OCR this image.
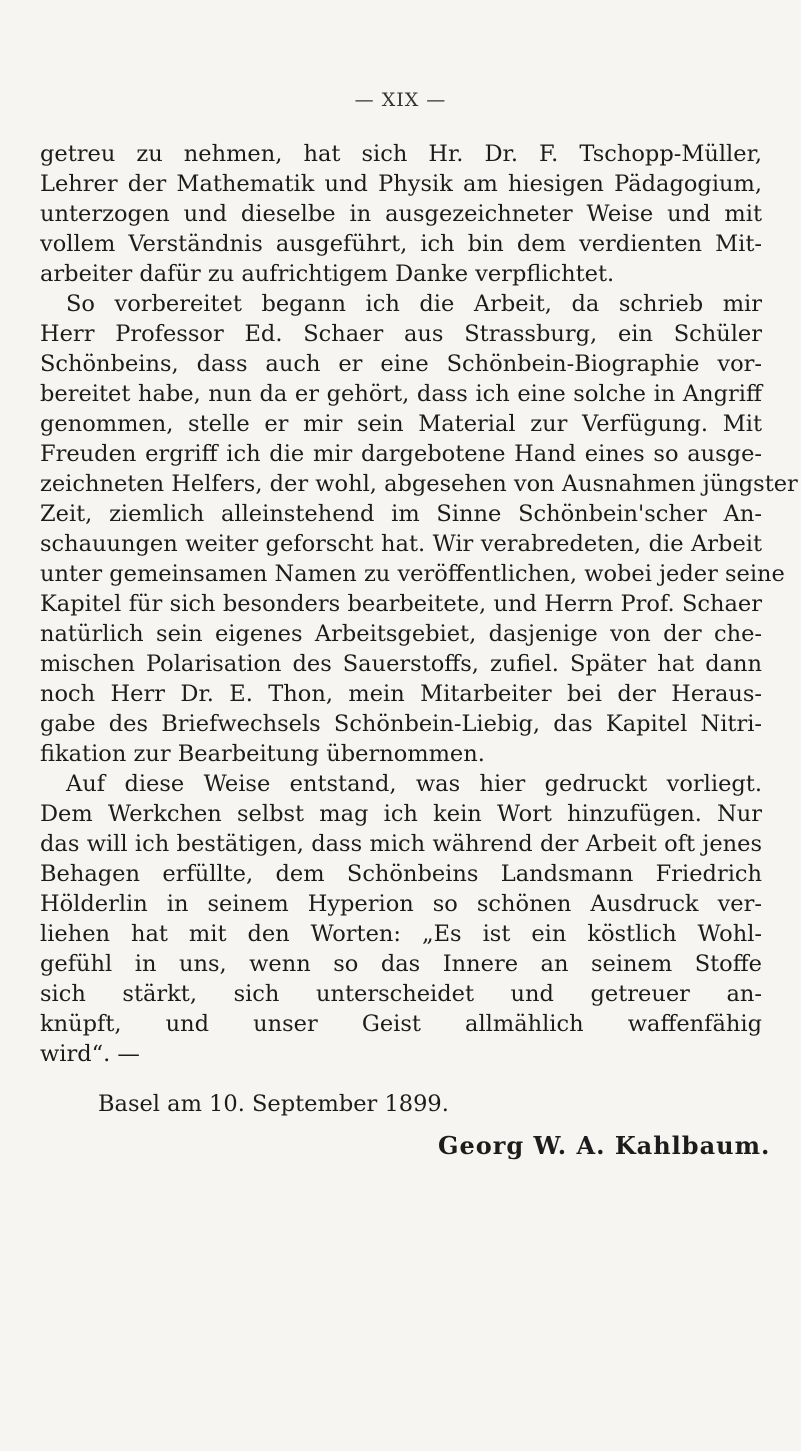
— XIX —
getreu zu nehmen, hat sich Hr. Dr. F. Tschopp-Müller,
Lehrer der Mathematik und Physik am hiesigen Pädagogium,
unterzogen und dieselbe in ausgezeichneter Weise und mit
vollem Verständnis ausgeführt, ich bin dem verdienten Mit-
arbeiter dafür zu aufrichtigem Danke verpflichtet.
So vorbereitet begann ich die Arbeit, da schrieb mir
Herr Professor Ed. Schaer aus Strassburg, ein Schüler
Schönbeins, dass auch er eine Schönbein-Biographie vor-
bereitet habe, nun da er gehört, dass ich eine solche in Angriff
genommen, stelle er mir sein Material zur Verfügung. Mit
Freuden ergriff ich die mir dargebotene Hand eines so ausge-
zeichneten Helfers, der wohl, abgesehen von Ausnahmen jüngster
Zeit, ziemlich alleinstehend im Sinne Schönbein'scher An-
schauungen weiter geforscht hat. Wir verabredeten, die Arbeit
unter gemeinsamen Namen zu veröffentlichen, wobei jeder seine
Kapitel für sich besonders bearbeitete, und Herrn Prof. Schaer
natürlich sein eigenes Arbeitsgebiet, dasjenige von der che-
mischen Polarisation des Sauerstoffs, zufiel. Später hat dann
noch Herr Dr. E. Thon, mein Mitarbeiter bei der Heraus-
gabe des Briefwechsels Schönbein-Liebig, das Kapitel Nitri-
fikation zur Bearbeitung übernommen.
Auf diese Weise entstand, was hier gedruckt vorliegt.
Dem Werkchen selbst mag ich kein Wort hinzufügen. Nur
das will ich bestätigen, dass mich während der Arbeit oft jenes
Behagen erfüllte, dem Schönbeins Landsmann Friedrich
Hölderlin in seinem Hyperion so schönen Ausdruck ver-
liehen hat mit den Worten: „Es ist ein köstlich Wohl-
gefühl in uns, wenn so das Innere an seinem Stoffe
sich stärkt, sich unterscheidet und getreuer an-
knüpft, und unser Geist allmählich waffenfähig
wird“. —
Basel am 10. September 1899.
Georg W. A. Kahlbaum.
